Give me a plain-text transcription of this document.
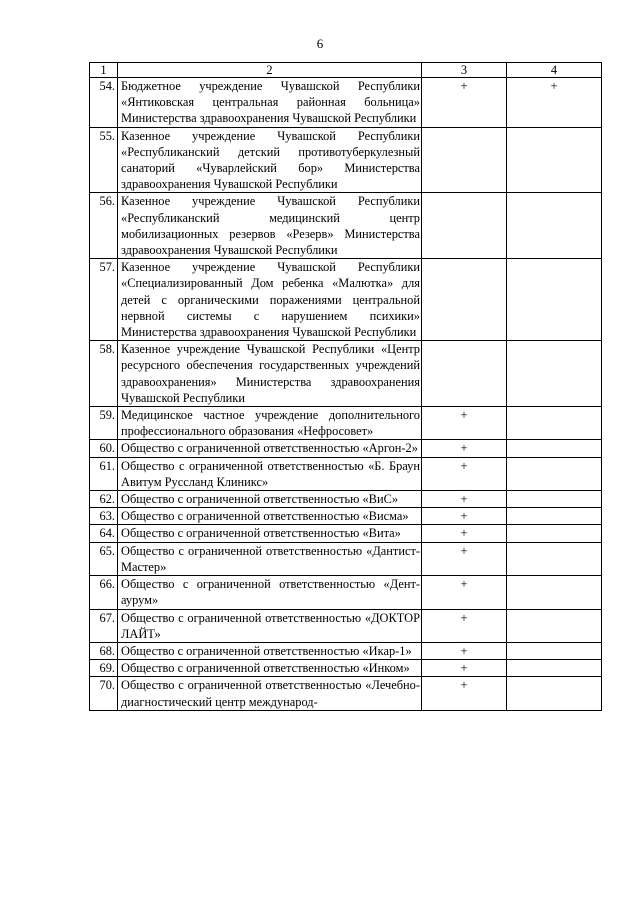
6
1	2	3	4
54.	Бюджетное учреждение Чувашской Республики «Янтиковская центральная районная больница» Министерства здравоохранения Чувашской Республики	+	+
55.	Казенное учреждение Чувашской Республики «Республиканский детский противотуберкулезный санаторий «Чуварлейский бор» Министерства здравоохранения Чувашской Республики		
56.	Казенное учреждение Чувашской Республики «Республиканский медицинский центр мобилизационных резервов «Резерв» Министерства здравоохранения Чувашской Республики		
57.	Казенное учреждение Чувашской Республики «Специализированный Дом ребенка «Малютка» для детей с органическими поражениями центральной нервной системы с нарушением психики» Министерства здравоохранения Чувашской Республики		
58.	Казенное учреждение Чувашской Республики «Центр ресурсного обеспечения государственных учреждений здравоохранения» Министерства здравоохранения Чувашской Республики		
59.	Медицинское частное учреждение дополнительного профессионального образования «Нефросовет»	+	
60.	Общество с ограниченной ответственностью «Аргон-2»	+	
61.	Общество с ограниченной ответственностью «Б. Браун Авитум Руссланд Клиникс»	+	
62.	Общество с ограниченной ответственностью «ВиС»	+	
63.	Общество с ограниченной ответственностью «Висма»	+	
64.	Общество с ограниченной ответственностью «Вита»	+	
65.	Общество с ограниченной ответственностью «Дантист-Мастер»	+	
66.	Общество с ограниченной ответственностью «Дент-аурум»	+	
67.	Общество с ограниченной ответственностью «ДОКТОР ЛАЙТ»	+	
68.	Общество с ограниченной ответственностью «Икар-1»	+	
69.	Общество с ограниченной ответственностью «Инком»	+	
70.	Общество с ограниченной ответственностью «Лечебно-диагностический центр международ-	+	
